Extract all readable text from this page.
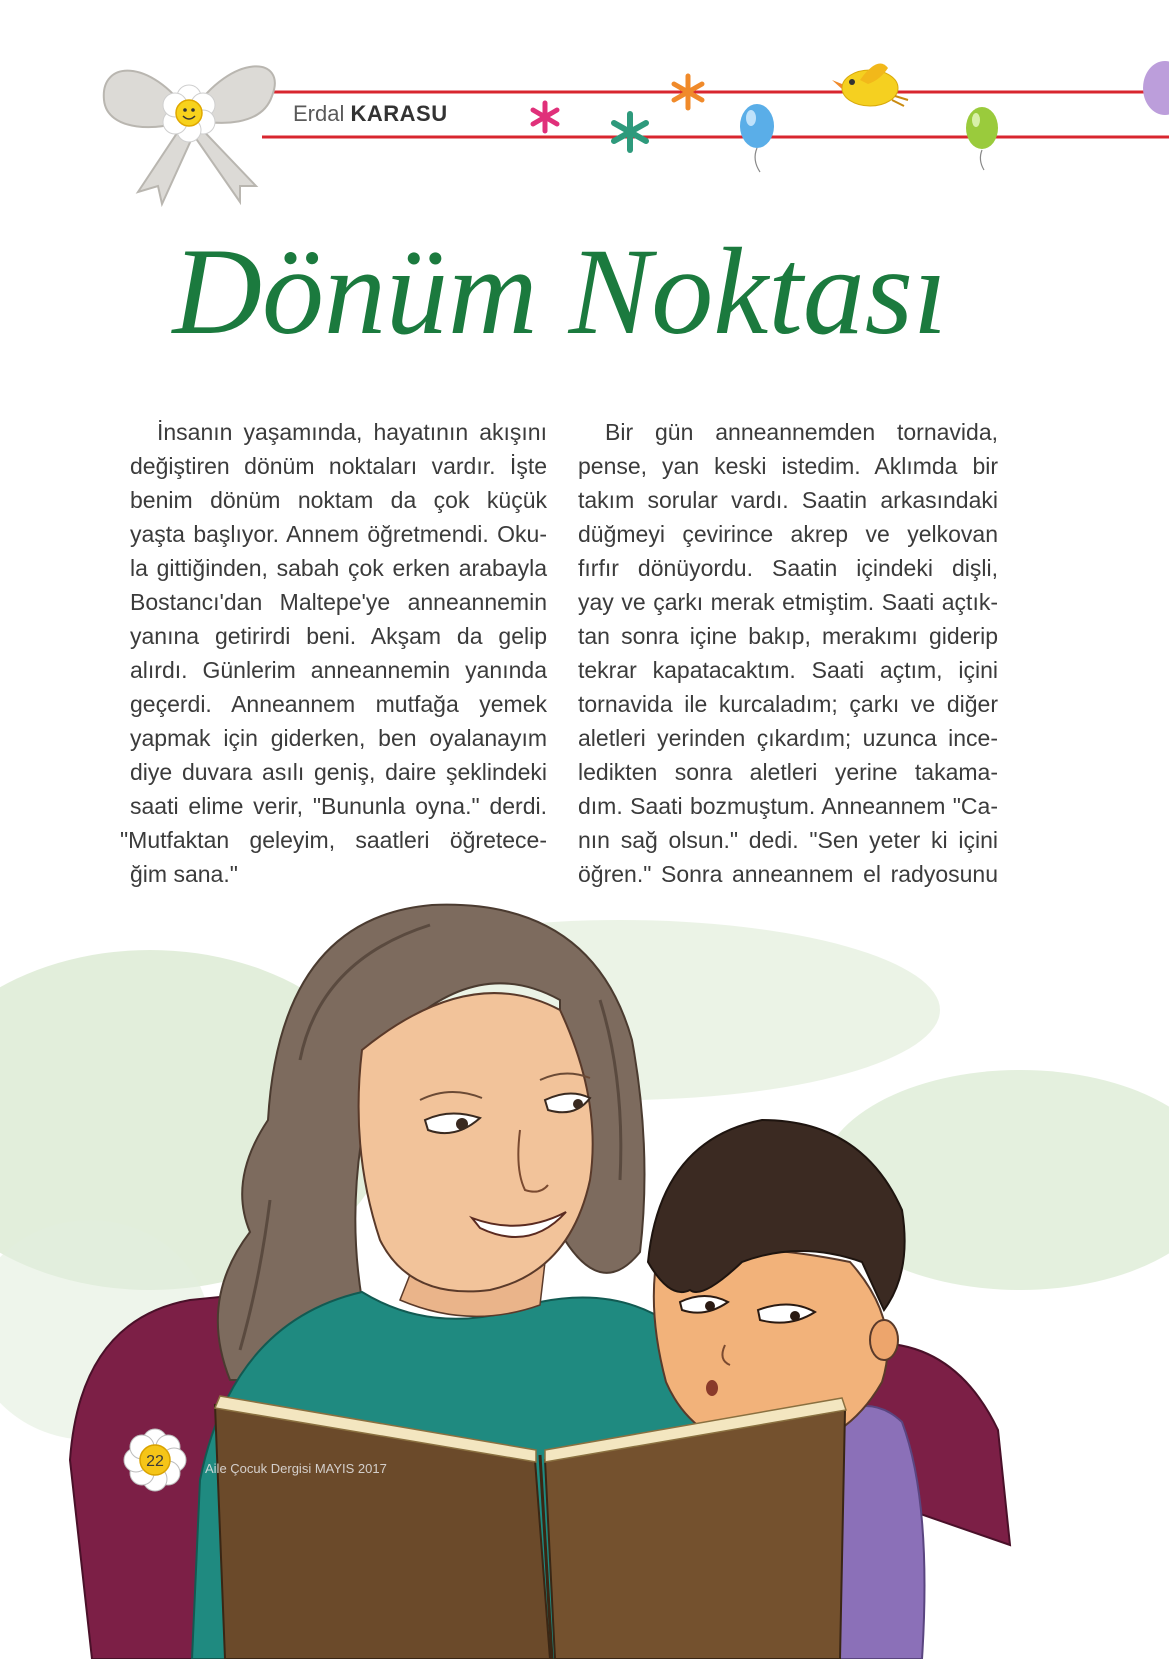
Erdal KARASU
Dönüm Noktası
İnsanın yaşamında, hayatının akışını
değiştiren dönüm noktaları vardır. İşte
benim dönüm noktam da çok küçük
yaşta başlıyor. Annem öğretmendi. Oku-
la gittiğinden, sabah çok erken arabayla
Bostancı'dan Maltepe'ye anneannemin
yanına getirirdi beni. Akşam da gelip
alırdı. Günlerim anneannemin yanında
geçerdi. Anneannem mutfağa yemek
yapmak için giderken, ben oyalanayım
diye duvara asılı geniş, daire şeklindeki
saati elime verir, "Bununla oyna." derdi.
"Mutfaktan geleyim, saatleri öğretece-
ğim sana."
Bir gün anneannemden tornavida,
pense, yan keski istedim. Aklımda bir
takım sorular vardı. Saatin arkasındaki
düğmeyi çevirince akrep ve yelkovan
fırfır dönüyordu. Saatin içindeki dişli,
yay ve çarkı merak etmiştim. Saati açtık-
tan sonra içine bakıp, merakımı giderip
tekrar kapatacaktım. Saati açtım, içini
tornavida ile kurcaladım; çarkı ve diğer
aletleri yerinden çıkardım; uzunca ince-
ledikten sonra aletleri yerine takama-
dım. Saati bozmuştum. Anneannem "Ca-
nın sağ olsun." dedi. "Sen yeter ki içini
öğren." Sonra anneannem el radyosunu
22	Aile Çocuk Dergisi MAYIS 2017
